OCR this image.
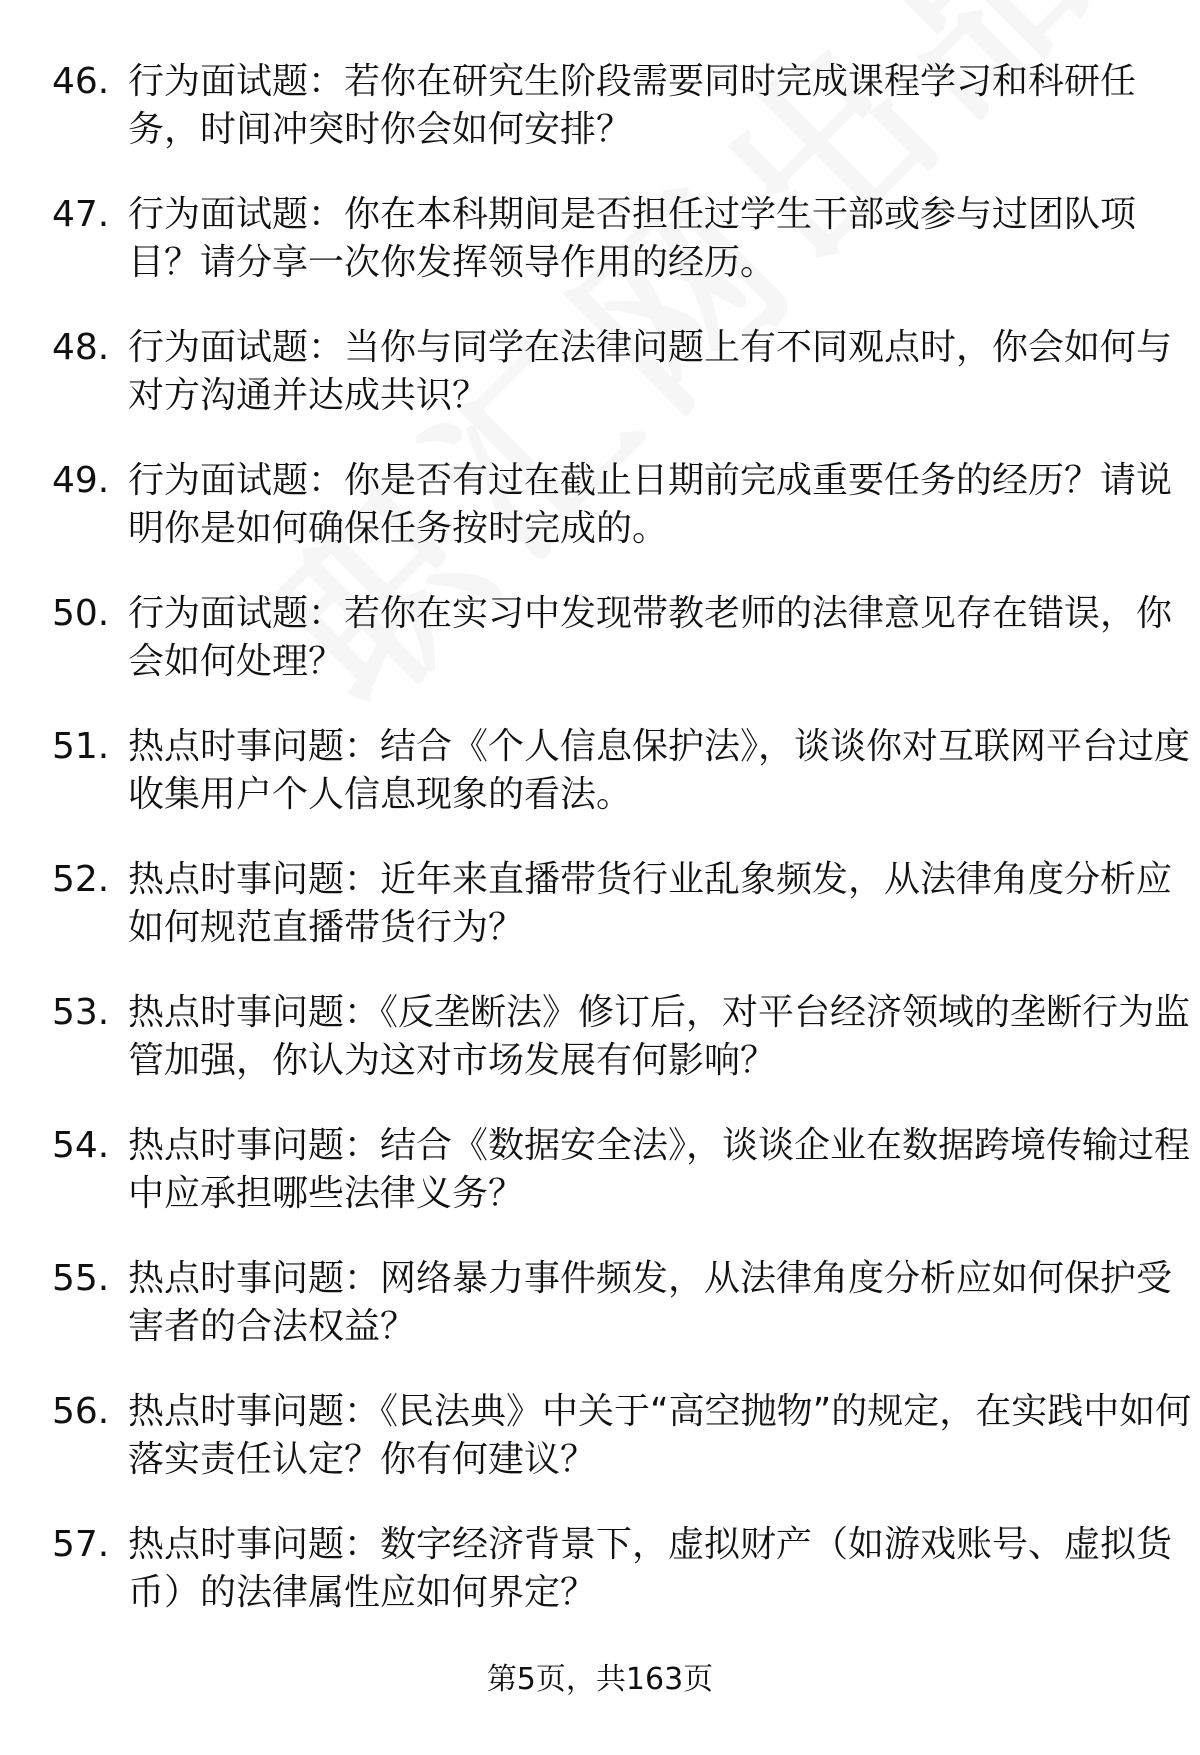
46. 行为面试题：若你在研究生阶段需要同时完成课程学习和科研任务，时间冲突时你会如何安排？
47. 行为面试题：你在本科期间是否担任过学生干部或参与过团队项目？请分享一次你发挥领导作用的经历。
48. 行为面试题：当你与同学在法律问题上有不同观点时，你会如何与对方沟通并达成共识？
49. 行为面试题：你是否有过在截止日期前完成重要任务的经历？请说明你是如何确保任务按时完成的。
50. 行为面试题：若你在实习中发现带教老师的法律意见存在错误，你会如何处理？
51. 热点时事问题：结合《个人信息保护法》，谈谈你对互联网平台过度收集用户个人信息现象的看法。
52. 热点时事问题：近年来直播带货行业乱象频发，从法律角度分析应如何规范直播带货行为？
53. 热点时事问题：《反垄断法》修订后，对平台经济领域的垄断行为监管加强，你认为这对市场发展有何影响？
54. 热点时事问题：结合《数据安全法》，谈谈企业在数据跨境传输过程中应承担哪些法律义务？
55. 热点时事问题：网络暴力事件频发，从法律角度分析应如何保护受害者的合法权益？
56. 热点时事问题：《民法典》中关于“高空抛物”的规定，在实践中如何落实责任认定？你有何建议？
57. 热点时事问题：数字经济背景下，虚拟财产（如游戏账号、虚拟货币）的法律属性应如何界定？
第5页，共163页
